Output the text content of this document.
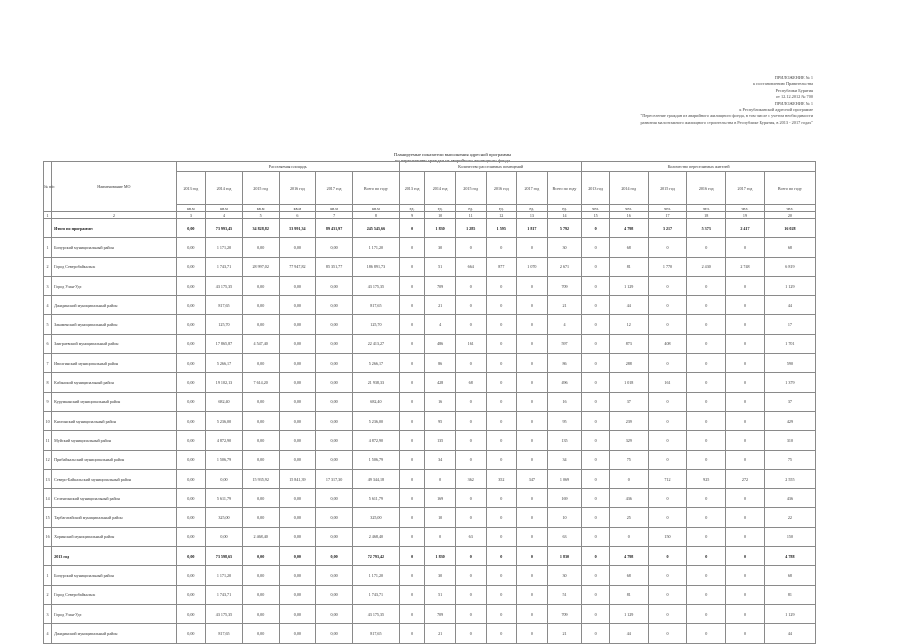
ПРИЛОЖЕНИЕ № 1
к постановлению Правительства
Республики Бурятия
от 12.12.2012 № 700
ПРИЛОЖЕНИЕ № 1
к Республиканской адресной программе
"Переселение граждан из аварийного жилищного фонда, в том числе с учетом необходимости
развития малоэтажного жилищного строительства в Республике Бурятия, в 2013 - 2017 годах"
Планируемые показатели выполнения адресной программы
по переселению граждан из аварийного жилищного фонда
№ п/п	Наименование МО	Расселяемая площадь						Количество расселяемых помещений						Количество переселяемых жителей					
		2013 год	2014 год	2015 год	2016 год	2017 год	Всего по году	2013 год	2014 год	2015 год	2016 год	2017 год	Всего по году	2013 год	2014 год	2015 год	2016 год	2017 год	Всего по году
		кв.м	кв.м	кв.м	кв.м	кв.м	кв.м	ед.	ед.	ед.	ед.	ед.	ед.	чел.	чел.	чел.	чел.	чел.	чел.
1	2	3	4	5	6	7	8	9	10	11	12	13	14	15	16	17	18	19	20
	Итого по программе:	0,00	73 993,45	34 828,82	53 991,34	89 431,97	245 545,66	0	1 830	1 285	1 595	1 817	5 792	0	4 798	3 217	5 373	2 417	16 028
1	Бичурский муниципальный район	0,00	1 171,20	0,00	0,00	0,00	1 171,20	0	30	0	0	0	30	0	68	0	0	0	68
2	Город Северобайкальск	0,00	1 743,71	28 997,02	77 947,82	85 351,77	186 891,73	0	51	664	877	1 070	2 671	0	81	1 770	2 430	2 748	6 819
3	Город Улан-Удэ	0,00	43 175,35	0,00	0,00	0,00	43 175,35	0	709	0	0	0	709	0	1 129	0	0	0	1 129
4	Джидинский муниципальный район	0,00	817,65	0,00	0,00	0,00	817,65	0	21	0	0	0	21	0	44	0	0	0	44
5	Закаменский муниципальный район	0,00	125,70	0,00	0,00	0,00	125,70	0	4	0	0	0	4	0	12	0	0	0	17
6	Заиграевский муниципальный район	0,00	17 865,87	4 547,40	0,00	0,00	22 413,27	0	486	161	0	0	597	0	873	408	0	0	1 701
7	Иволгинский муниципальный район	0,00	5 266,17	0,00	0,00	0,00	5 266,17	0	86	0	0	0	86	0	288	0	0	0	590
8	Кабанский муниципальный район	0,00	19 102,13	7 614,20	0,00	0,00	21 938,33	0	428	68	0	0	496	0	1 018	161	0	0	1 379
9	Курумканский муниципальный район	0,00	682,40	0,00	0,00	0,00	682,40	0	16	0	0	0	16	0	37	0	0	0	37
10	Кяхтинский муниципальный район	0,00	5 236,00	0,00	0,00	0,00	5 236,00	0	95	0	0	0	95	0	239	0	0	0	429
11	Муйский муниципальный район	0,00	4 872,90	0,00	0,00	0,00	4 872,90	0	135	0	0	0	135	0	329	0	0	0	310
12	Прибайкальский муниципальный район	0,00	1 506,79	0,00	0,00	0,00	1 506,79	0	34	0	0	0	34	0	75	0	0	0	75
13	Северо-Байкальский муниципальный район	0,00	0,00	15 935,92	15 841,39	17 317,30	49 344,18	0	0	362	352	347	1 069	0	0	712	925	272	2 555
14	Селенгинский муниципальный район	0,00	5 611,79	0,00	0,00	0,00	5 611,79	0	169	0	0	0	169	0	436	0	0	0	436
15	Тарбагатайский муниципальный район	0,00	325,00	0,00	0,00	0,00	325,00	0	10	0	0	0	10	0	25	0	0	0	22
16	Хоринский муниципальный район	0,00	0,00	2 468,40	0,00	0,00	2 468,40	0	0	63	0	0	63	0	0	150	0	0	150
	2013 год	0,00	73 598,65	0,00	0,00	0,00	72 793,42	0	1 830	0	0	0	1 830	0	4 798	0	0	0	4 788
1	Бичурский муниципальный район	0,00	1 171,20	0,00	0,00	0,00	1 171,20	0	30	0	0	0	30	0	68	0	0	0	68
2	Город Северобайкальск	0,00	1 743,71	0,00	0,00	0,00	1 743,71	0	51	0	0	0	51	0	81	0	0	0	81
3	Город Улан-Удэ	0,00	43 175,35	0,00	0,00	0,00	43 175,35	0	709	0	0	0	709	0	1 129	0	0	0	1 129
4	Джидинский муниципальный район	0,00	817,65	0,00	0,00	0,00	817,65	0	21	0	0	0	21	0	44	0	0	0	44
